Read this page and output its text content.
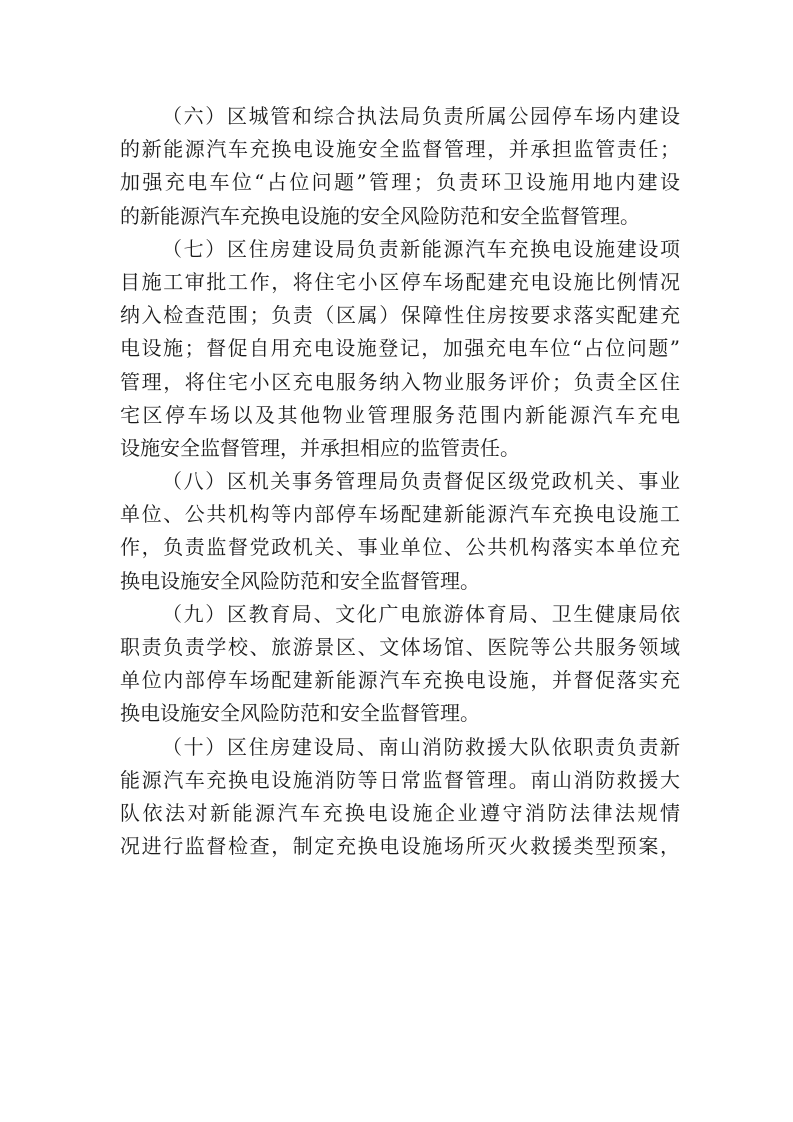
（六）区城管和综合执法局负责所属公园停车场内建设

的新能源汽车充换电设施安全监督管理，并承担监管责任；

加强充电车位“占位问题”管理；负责环卫设施用地内建设

的新能源汽车充换电设施的安全风险防范和安全监督管理。

（七）区住房建设局负责新能源汽车充换电设施建设项

目施工审批工作，将住宅小区停车场配建充电设施比例情况

纳入检查范围；负责（区属）保障性住房按要求落实配建充

电设施；督促自用充电设施登记，加强充电车位“占位问题”

管理，将住宅小区充电服务纳入物业服务评价；负责全区住

宅区停车场以及其他物业管理服务范围内新能源汽车充电

设施安全监督管理，并承担相应的监管责任。

（八）区机关事务管理局负责督促区级党政机关、事业

单位、公共机构等内部停车场配建新能源汽车充换电设施工

作，负责监督党政机关、事业单位、公共机构落实本单位充

换电设施安全风险防范和安全监督管理。

（九）区教育局、文化广电旅游体育局、卫生健康局依

职责负责学校、旅游景区、文体场馆、医院等公共服务领域

单位内部停车场配建新能源汽车充换电设施，并督促落实充

换电设施安全风险防范和安全监督管理。

（十）区住房建设局、南山消防救援大队依职责负责新

能源汽车充换电设施消防等日常监督管理。南山消防救援大

队依法对新能源汽车充换电设施企业遵守消防法律法规情

况进行监督检查，制定充换电设施场所灭火救援类型预案，
